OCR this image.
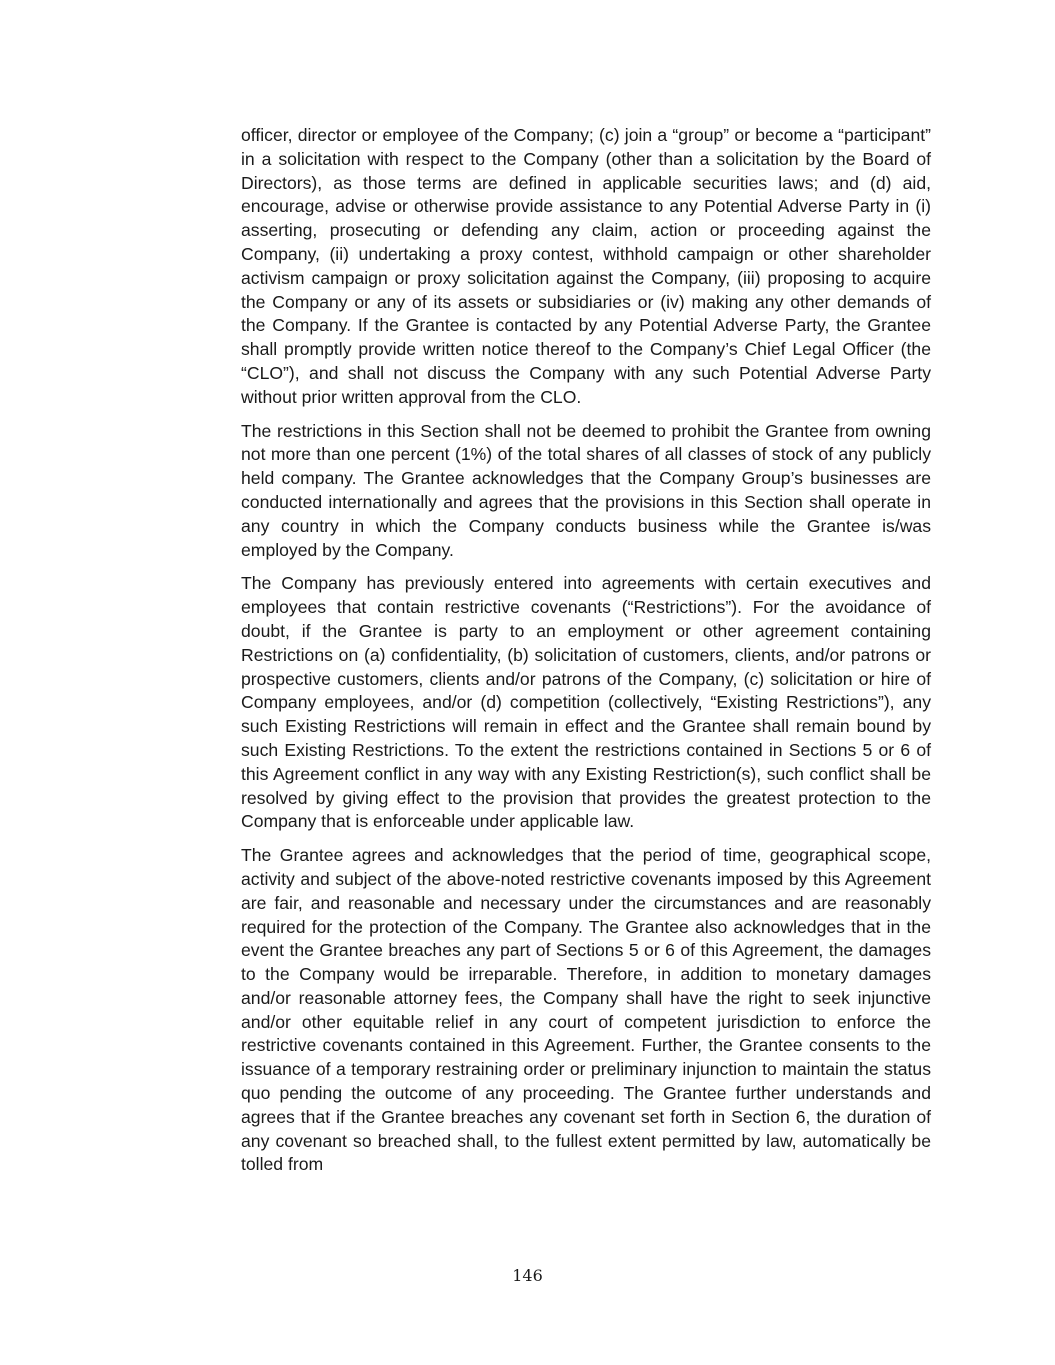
officer, director or employee of the Company; (c) join a “group” or become a “participant” in a solicitation with respect to the Company (other than a solicitation by the Board of Directors), as those terms are defined in applicable securities laws; and (d) aid, encourage, advise or otherwise provide assistance to any Potential Adverse Party in (i) asserting, prosecuting or defending any claim, action or proceeding against the Company, (ii) undertaking a proxy contest, withhold campaign or other shareholder activism campaign or proxy solicitation against the Company, (iii) proposing to acquire the Company or any of its assets or subsidiaries or (iv) making any other demands of the Company. If the Grantee is contacted by any Potential Adverse Party, the Grantee shall promptly provide written notice thereof to the Company’s Chief Legal Officer (the “CLO”), and shall not discuss the Company with any such Potential Adverse Party without prior written approval from the CLO.

The restrictions in this Section shall not be deemed to prohibit the Grantee from owning not more than one percent (1%) of the total shares of all classes of stock of any publicly held company. The Grantee acknowledges that the Company Group’s businesses are conducted internationally and agrees that the provisions in this Section shall operate in any country in which the Company conducts business while the Grantee is/was employed by the Company.

The Company has previously entered into agreements with certain executives and employees that contain restrictive covenants (“Restrictions”). For the avoidance of doubt, if the Grantee is party to an employment or other agreement containing Restrictions on (a) confidentiality, (b) solicitation of customers, clients, and/or patrons or prospective customers, clients and/or patrons of the Company, (c) solicitation or hire of Company employees, and/or (d) competition (collectively, “Existing Restrictions”), any such Existing Restrictions will remain in effect and the Grantee shall remain bound by such Existing Restrictions. To the extent the restrictions contained in Sections 5 or 6 of this Agreement conflict in any way with any Existing Restriction(s), such conflict shall be resolved by giving effect to the provision that provides the greatest protection to the Company that is enforceable under applicable law.

The Grantee agrees and acknowledges that the period of time, geographical scope, activity and subject of the above-noted restrictive covenants imposed by this Agreement are fair, and reasonable and necessary under the circumstances and are reasonably required for the protection of the Company. The Grantee also acknowledges that in the event the Grantee breaches any part of Sections 5 or 6 of this Agreement, the damages to the Company would be irreparable. Therefore, in addition to monetary damages and/or reasonable attorney fees, the Company shall have the right to seek injunctive and/or other equitable relief in any court of competent jurisdiction to enforce the restrictive covenants contained in this Agreement. Further, the Grantee consents to the issuance of a temporary restraining order or preliminary injunction to maintain the status quo pending the outcome of any proceeding. The Grantee further understands and agrees that if the Grantee breaches any covenant set forth in Section 6, the duration of any covenant so breached shall, to the fullest extent permitted by law, automatically be tolled from

146
